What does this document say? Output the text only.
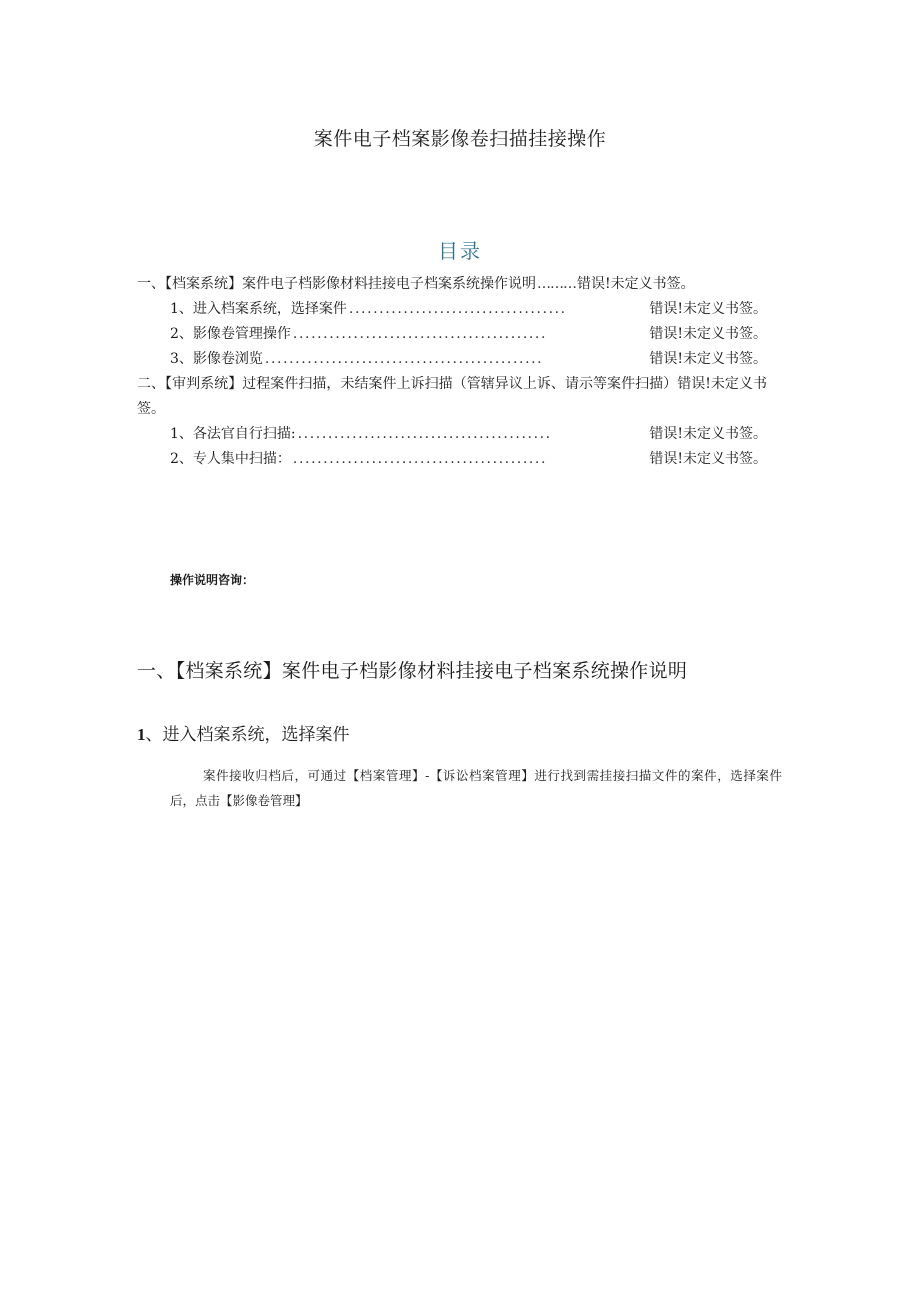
案件电子档案影像卷扫描挂接操作
目录
一、【档案系统】案件电子档影像材料挂接电子档案系统操作说明 ……… 错误!未定义书签。
1、进入档案系统，选择案件 ....................................	错误!未定义书签。
2、影像卷管理操作 ..........................................	错误!未定义书签。
3、影像卷浏览 ..............................................	错误!未定义书签。
二、【审判系统】过程案件扫描，未结案件上诉扫描（管辖异议上诉、请示等案件扫描）错误!未定义书签。
1、各法官自行扫描: ..........................................	错误!未定义书签。
2、专人集中扫描： ..........................................	错误!未定义书签。
操作说明咨询：
一、【档案系统】案件电子档影像材料挂接电子档案系统操作说明
1、进入档案系统，选择案件
案件接收归档后，可通过【档案管理】-【诉讼档案管理】进行找到需挂接扫描文件的案件，选择案件后，点击【影像卷管理】
